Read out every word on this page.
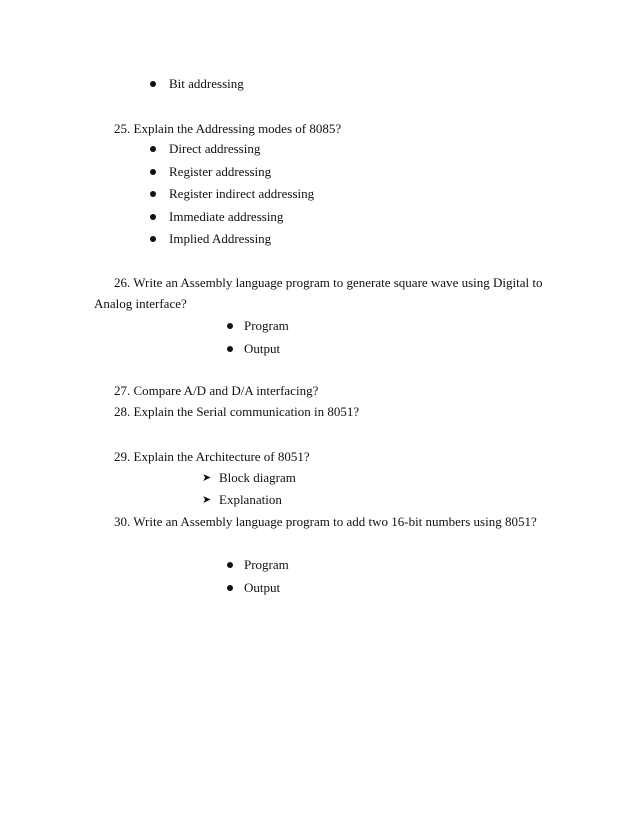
Bit addressing
25. Explain the Addressing modes of 8085?
Direct addressing
Register addressing
Register indirect addressing
Immediate addressing
Implied Addressing
26. Write an Assembly language program to generate square wave using Digital to
Analog interface?
Program
Output
27. Compare A/D and D/A interfacing?
28. Explain the Serial communication in 8051?
29. Explain the Architecture of 8051?
➤ Block diagram
➤ Explanation
30. Write an Assembly language program to add two 16-bit numbers using 8051?
Program
Output
